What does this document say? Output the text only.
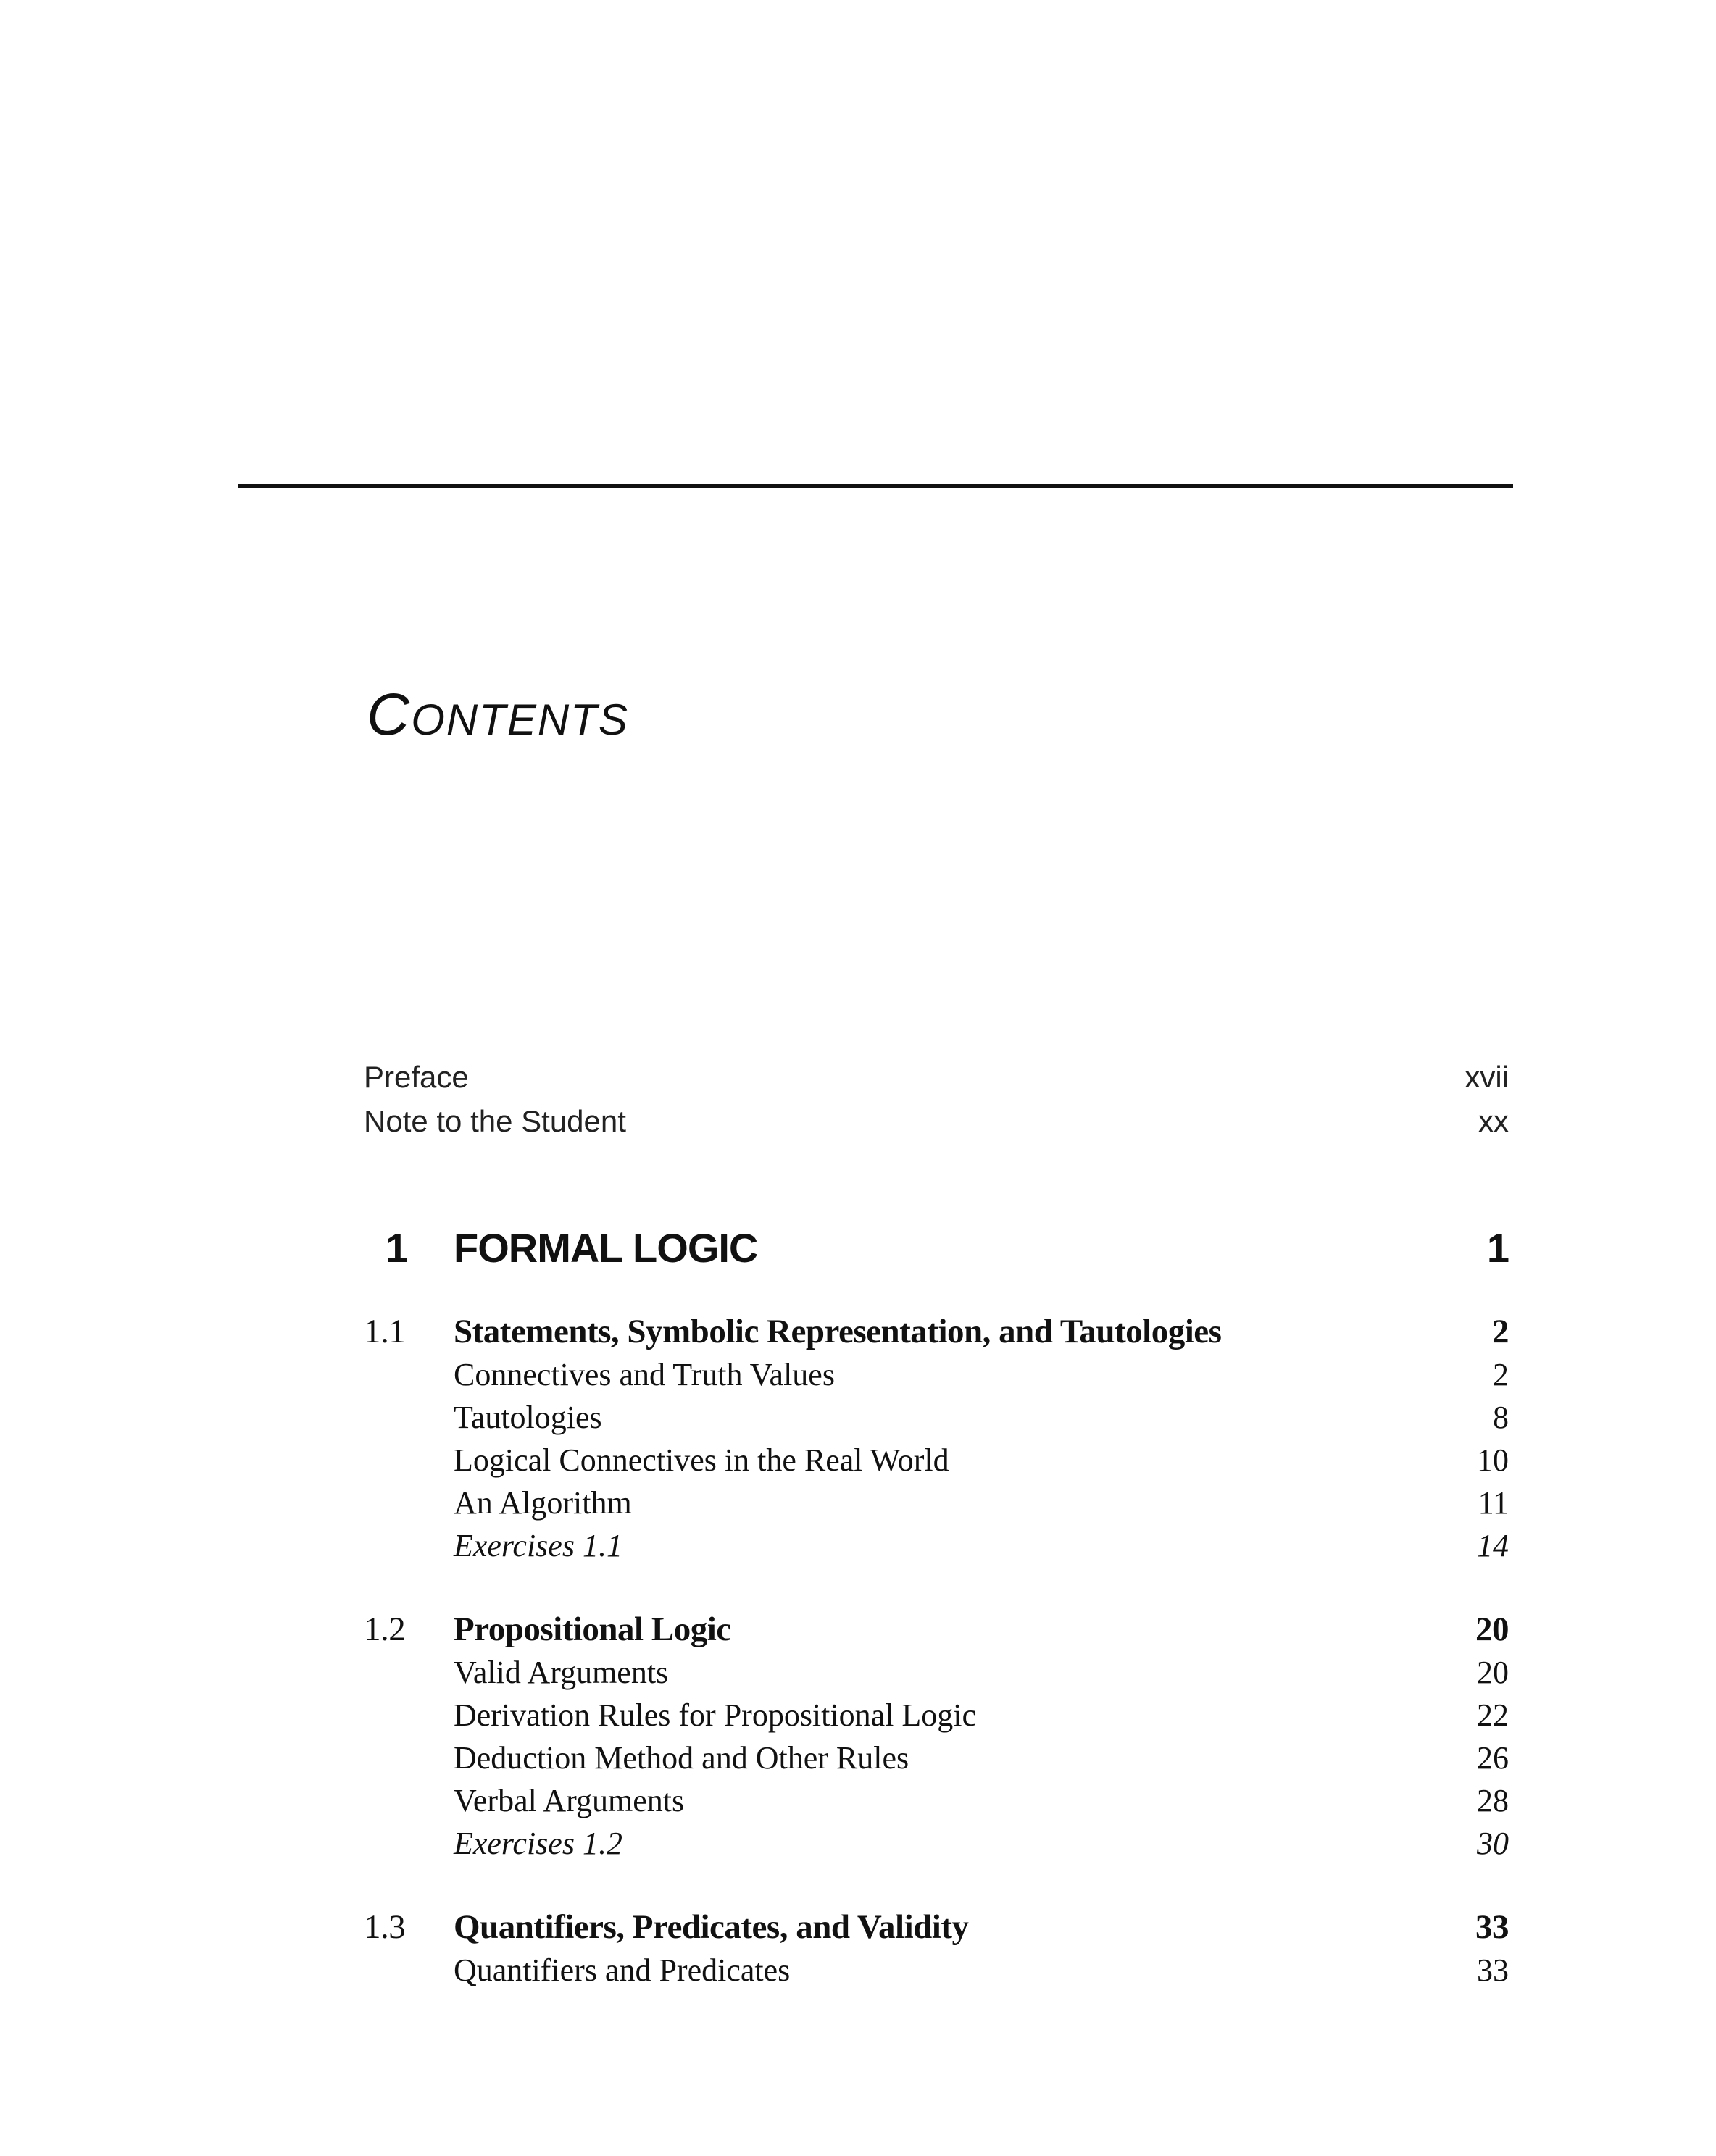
CONTENTS
Preface	xvii
Note to the Student	xx
1	FORMAL LOGIC	1
1.1	Statements, Symbolic Representation, and Tautologies	2
Connectives and Truth Values	2
Tautologies	8
Logical Connectives in the Real World	10
An Algorithm	11
Exercises 1.1	14
1.2	Propositional Logic	20
Valid Arguments	20
Derivation Rules for Propositional Logic	22
Deduction Method and Other Rules	26
Verbal Arguments	28
Exercises 1.2	30
1.3	Quantifiers, Predicates, and Validity	33
Quantifiers and Predicates	33
